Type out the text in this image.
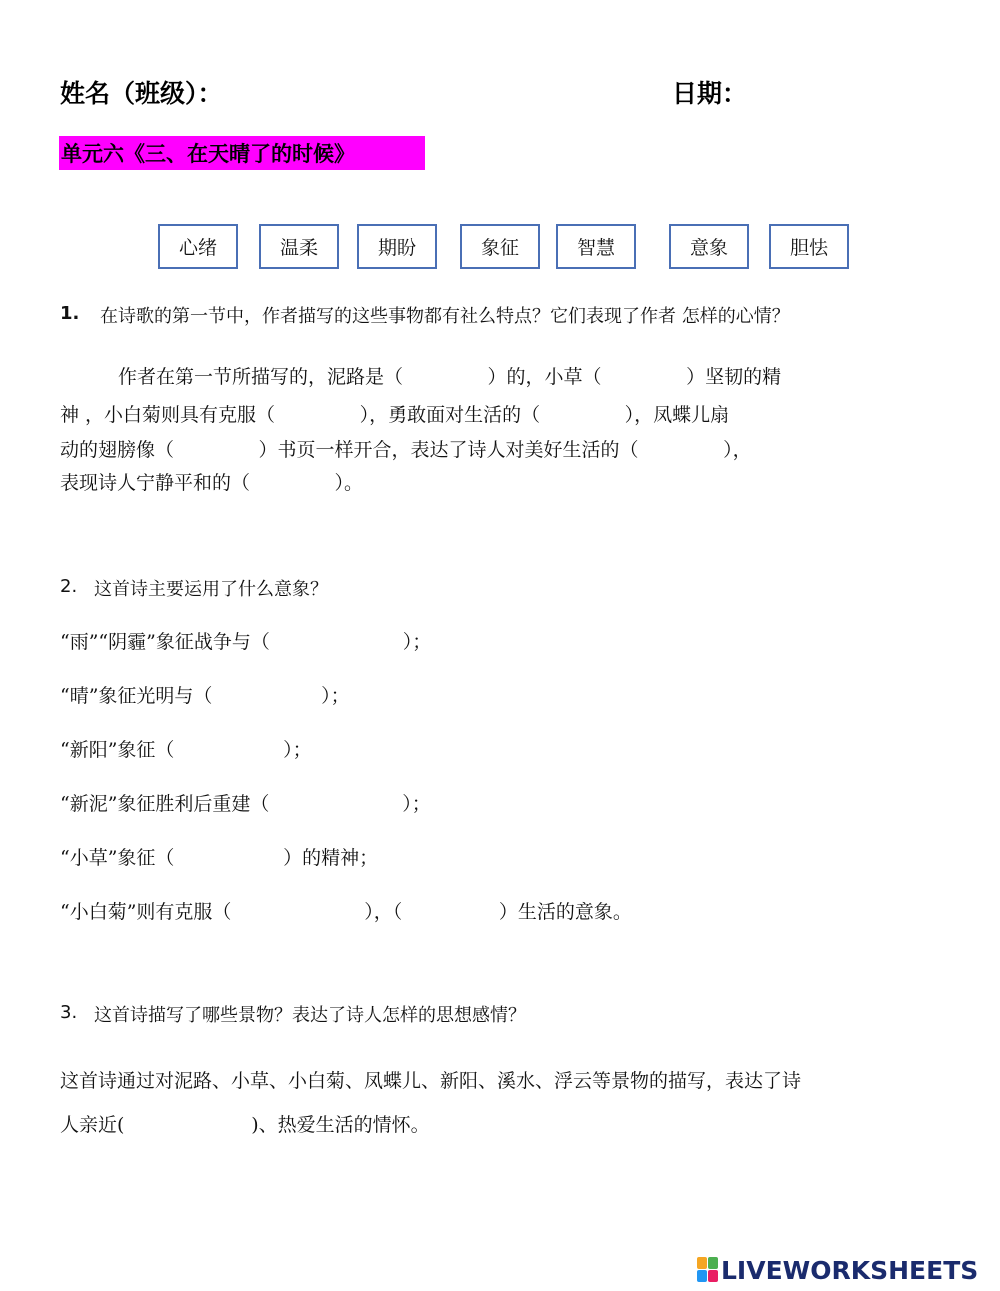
姓名（班级）：	日期：
单元六《三、在天晴了的时候》
心绪	温柔	期盼	象征	智慧	意象	胆怯
1. 在诗歌的第一节中，作者描写的这些事物都有社么特点？它们表现了作者 怎样的心情？
作者在第一节所描写的，泥路是（              ）的，小草（              ）坚韧的精
神 ，小白菊则具有克服（              ），勇敢面对生活的（              ），凤蝶儿扇
动的翅膀像（              ）书页一样开合，表达了诗人对美好生活的（              ），
表现诗人宁静平和的（              ）。
2. 这首诗主要运用了什么意象？
“雨”“阴霾”象征战争与（                      ）；
“晴”象征光明与（                  ）；
“新阳”象征（                  ）；
“新泥”象征胜利后重建（                      ）；
“小草”象征（                  ）的精神；
“小白菊”则有克服（                      ），（                ）生活的意象。
3. 这首诗描写了哪些景物？表达了诗人怎样的思想感情？
这首诗通过对泥路、小草、小白菊、凤蝶儿、新阳、溪水、浮云等景物的描写，表达了诗
人亲近(                     )、热爱生活的情怀。
LIVEWORKSHEETS
